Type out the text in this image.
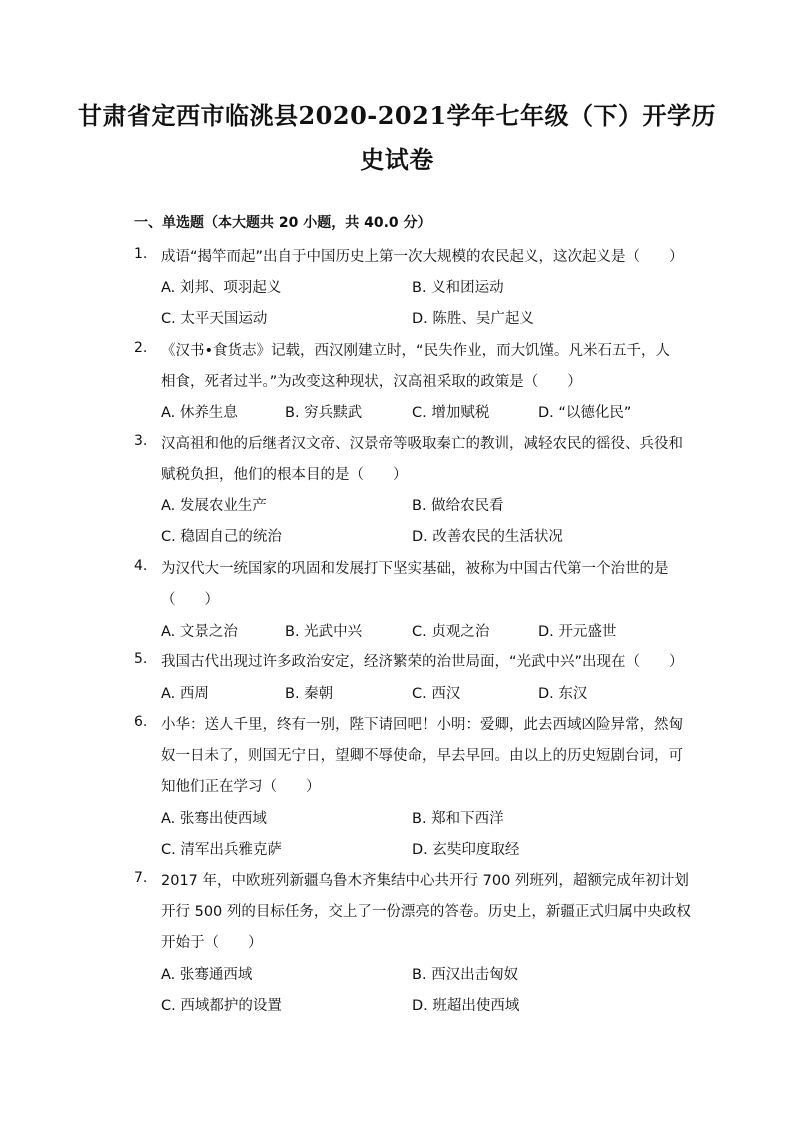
甘肃省定西市临洮县2020-2021学年七年级（下）开学历
史试卷
一、单选题（本大题共 20 小题，共 40.0 分）
1. 成语“揭竿而起”出自于中国历史上第一次大规模的农民起义，这次起义是（　　）
A. 刘邦、项羽起义	B. 义和团运动
C. 太平天国运动	D. 陈胜、吴广起义
2. 《汉书•食货志》记载，西汉刚建立时，“民失作业，而大饥馑。凡米石五千，人
相食，死者过半。”为改变这种现状，汉高祖采取的政策是（　　）
A. 休养生息	B. 穷兵黩武	C. 增加赋税	D. “以德化民”
3. 汉高祖和他的后继者汉文帝、汉景帝等吸取秦亡的教训，减轻农民的徭役、兵役和
赋税负担，他们的根本目的是（　　）
A. 发展农业生产	B. 做给农民看
C. 稳固自己的统治	D. 改善农民的生活状况
4. 为汉代大一统国家的巩固和发展打下坚实基础，被称为中国古代第一个治世的是
（　　）
A. 文景之治	B. 光武中兴	C. 贞观之治	D. 开元盛世
5. 我国古代出现过许多政治安定，经济繁荣的治世局面，“光武中兴”出现在（　　）
A. 西周	B. 秦朝	C. 西汉	D. 东汉
6. 小华：送人千里，终有一别，陛下请回吧！小明：爱卿，此去西域凶险异常，然匈
奴一日未了，则国无宁日，望卿不辱使命，早去早回。由以上的历史短剧台词，可
知他们正在学习（　　）
A. 张骞出使西域	B. 郑和下西洋
C. 清军出兵雅克萨	D. 玄奘印度取经
7. 2017 年，中欧班列新疆乌鲁木齐集结中心共开行 700 列班列，超额完成年初计划
开行 500 列的目标任务，交上了一份漂亮的答卷。历史上，新疆正式归属中央政权
开始于（　　）
A. 张骞通西域	B. 西汉出击匈奴
C. 西域都护的设置	D. 班超出使西域
